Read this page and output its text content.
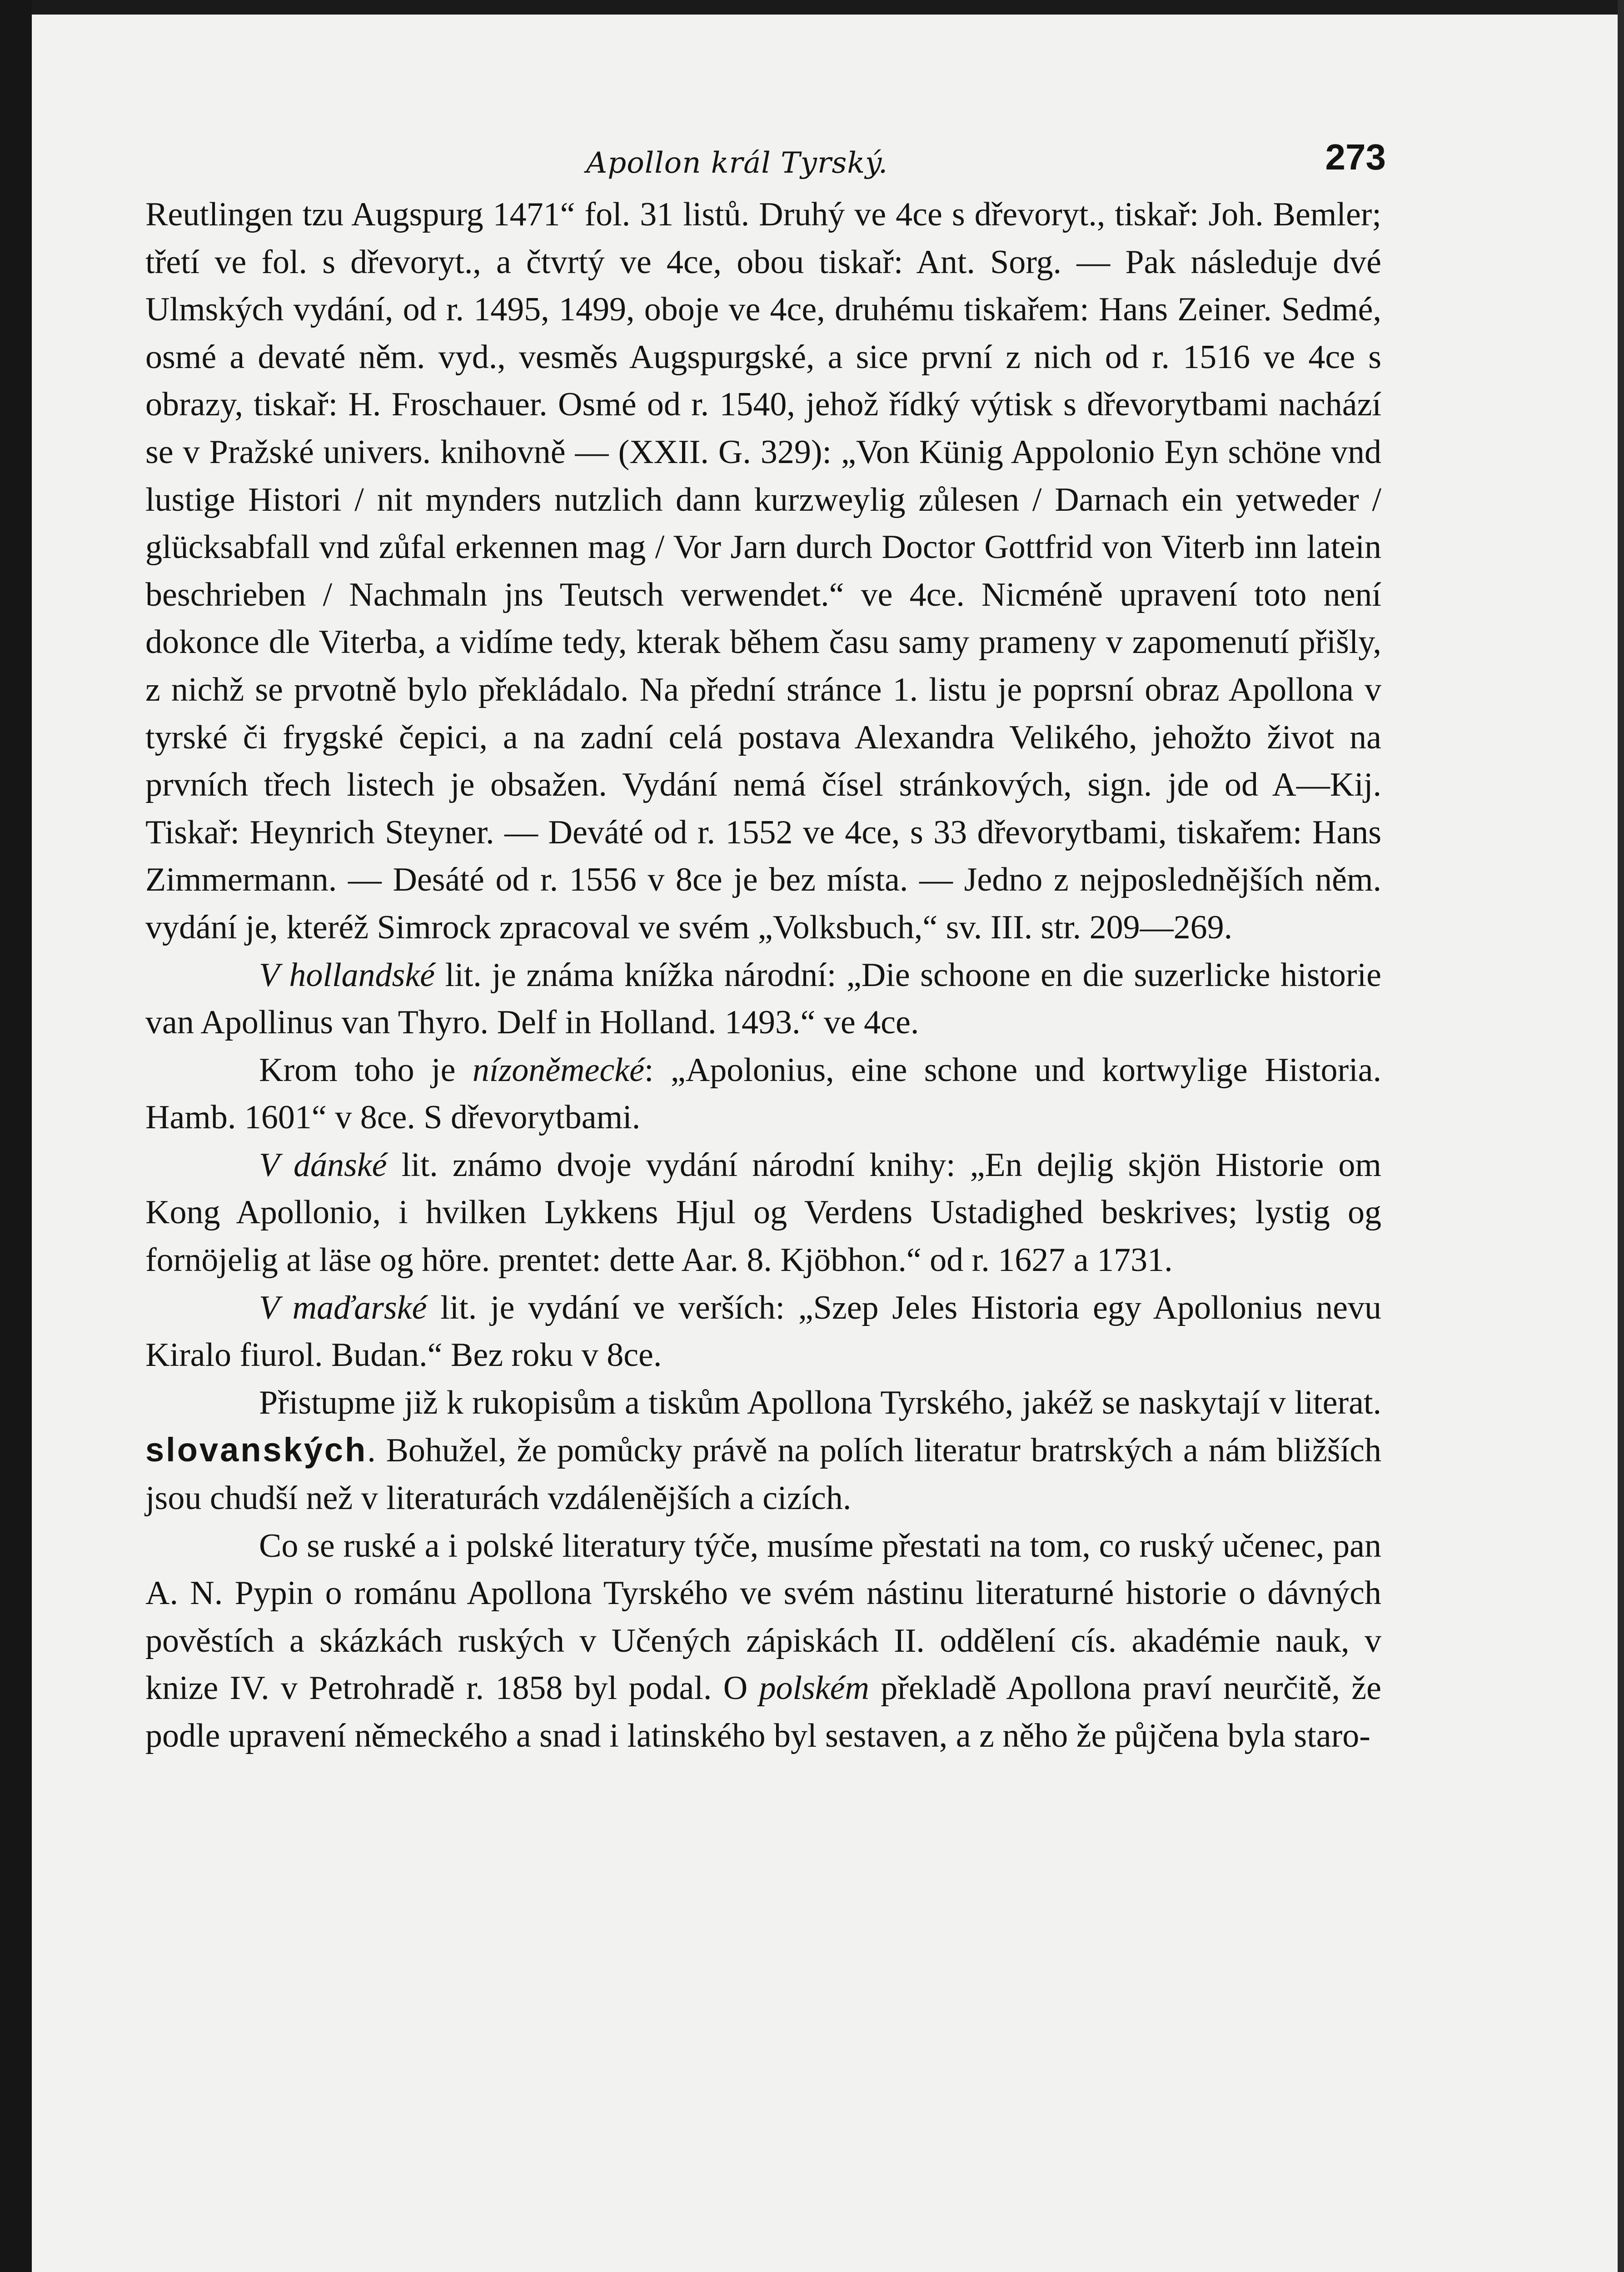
Apollon král Tyrský.	273

Reutlingen tzu Augspurg 1471“ fol. 31 listů. Druhý ve 4ce s dřevoryt., tiskař: Joh. Bemler; třetí ve fol. s dřevoryt., a čtvrtý ve 4ce, obou tiskař: Ant. Sorg. — Pak následuje dvé Ulmských vydání, od r. 1495, 1499, oboje ve 4ce, druhému tiskařem: Hans Zeiner. Sedmé, osmé a devaté něm. vyd., vesměs Augspurgské, a sice první z nich od r. 1516 ve 4ce s obrazy, tiskař: H. Froschauer. Osmé od r. 1540, jehož řídký výtisk s dřevorytbami nachází se v Pražské univers. knihovně — (XXII. G. 329): „Von Künig Appolonio Eyn schöne vnd lustige Histori / nit mynders nutzlich dann kurzweylig zůlesen / Darnach ein yetweder / glücksabfall vnd zůfal erkennen mag / Vor Jarn durch Doctor Gottfrid von Viterb inn latein beschrieben / Nachmaln jns Teutsch verwendet.“ ve 4ce. Nicméně upravení toto není dokonce dle Viterba, a vidíme tedy, kterak během času samy prameny v zapomenutí přišly, z nichž se prvotně bylo překládalo. Na přední stránce 1. listu je poprsní obraz Apollona v tyrské či frygské čepici, a na zadní celá postava Alexandra Velikého, jehožto život na prvních třech listech je obsažen. Vydání nemá čísel stránkových, sign. jde od A—Kij. Tiskař: Heynrich Steyner. — Deváté od r. 1552 ve 4ce, s 33 dřevorytbami, tiskařem: Hans Zimmermann. — Desáté od r. 1556 v 8ce je bez místa. — Jedno z nejposlednějších něm. vydání je, kteréž Simrock zpracoval ve svém „Volksbuch,“ sv. III. str. 209—269.

V hollandské lit. je známa knížka národní: „Die schoone en die suzerlicke historie van Apollinus van Thyro. Delf in Holland. 1493.“ ve 4ce.

Krom toho je nízoněmecké: „Apolonius, eine schone und kortwylige Historia. Hamb. 1601“ v 8ce. S dřevorytbami.

V dánské lit. známo dvoje vydání národní knihy: „En dejlig skjön Historie om Kong Apollonio, i hvilken Lykkens Hjul og Verdens Ustadighed beskrives; lystig og fornöjelig at läse og höre. prentet: dette Aar. 8. Kjöbhon.“ od r. 1627 a 1731.

V maďarské lit. je vydání ve verších: „Szep Jeles Historia egy Apollonius nevu Kiralo fiurol. Budan.“ Bez roku v 8ce.

Přistupme již k rukopisům a tiskům Apollona Tyrského, jakéž se naskytají v literat. slovanských. Bohužel, že pomůcky právě na polích literatur bratrských a nám bližších jsou chudší než v literaturách vzdálenějších a cizích.

Co se ruské a i polské literatury týče, musíme přestati na tom, co ruský učenec, pan A. N. Pypin o románu Apollona Tyrského ve svém nástinu literaturné historie o dávných pověstích a skázkách ruských v Učených zápiskách II. oddělení cís. akadémie nauk, v knize IV. v Petrohradě r. 1858 byl podal. O polském překladě Apollona praví neurčitě, že podle upravení německého a snad i latinského byl sestaven, a z něho že půjčena byla staro-
